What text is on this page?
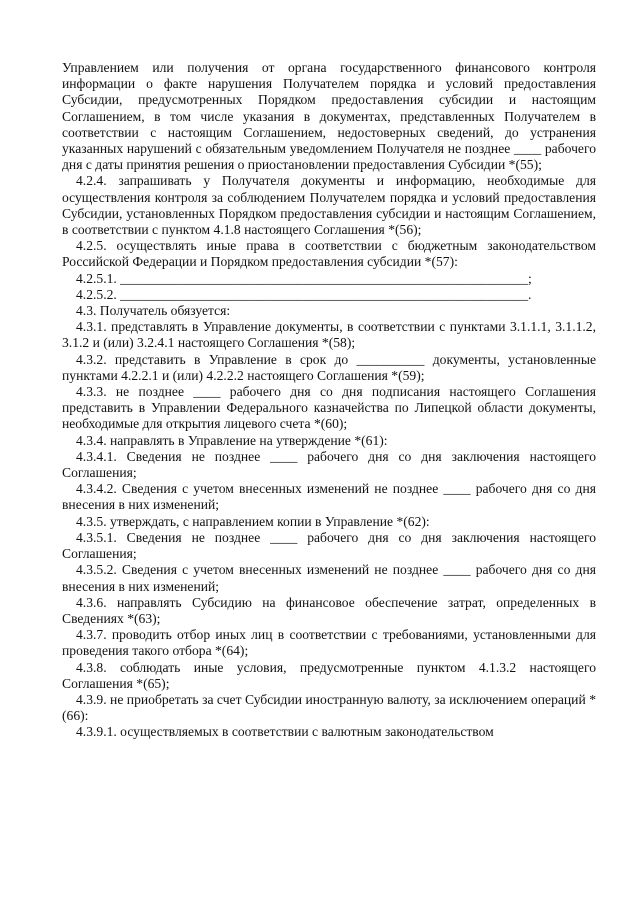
Управлением или получения от органа государственного финансового контроля информации о факте нарушения Получателем порядка и условий предоставления Субсидии, предусмотренных Порядком предоставления субсидии и настоящим Соглашением, в том числе указания в документах, представленных Получателем в соответствии с настоящим Соглашением, недостоверных сведений, до устранения указанных нарушений с обязательным уведомлением Получателя не позднее ____ рабочего дня с даты принятия решения о приостановлении предоставления Субсидии *(55);

4.2.4. запрашивать у Получателя документы и информацию, необходимые для осуществления контроля за соблюдением Получателем порядка и условий предоставления Субсидии, установленных Порядком предоставления субсидии и настоящим Соглашением, в соответствии с пунктом 4.1.8 настоящего Соглашения *(56);

4.2.5. осуществлять иные права в соответствии с бюджетным законодательством Российской Федерации и Порядком предоставления субсидии *(57):

4.2.5.1. ____________________________________________________________;

4.2.5.2. ____________________________________________________________.

4.3. Получатель обязуется:

4.3.1. представлять в Управление документы, в соответствии с пунктами 3.1.1.1, 3.1.1.2, 3.1.2 и (или) 3.2.4.1 настоящего Соглашения *(58);

4.3.2. представить в Управление в срок до __________ документы, установленные пунктами 4.2.2.1 и (или) 4.2.2.2 настоящего Соглашения *(59);

4.3.3. не позднее ____ рабочего дня со дня подписания настоящего Соглашения представить в Управлении Федерального казначейства по Липецкой области документы, необходимые для открытия лицевого счета *(60);

4.3.4. направлять в Управление на утверждение *(61):

4.3.4.1. Сведения не позднее ____ рабочего дня со дня заключения настоящего Соглашения;

4.3.4.2. Сведения с учетом внесенных изменений не позднее ____ рабочего дня со дня внесения в них изменений;

4.3.5. утверждать, с направлением копии в Управление *(62):

4.3.5.1. Сведения не позднее ____ рабочего дня со дня заключения настоящего Соглашения;

4.3.5.2. Сведения с учетом внесенных изменений не позднее ____ рабочего дня со дня внесения в них изменений;

4.3.6. направлять Субсидию на финансовое обеспечение затрат, определенных в Сведениях *(63);

4.3.7. проводить отбор иных лиц в соответствии с требованиями, установленными для проведения такого отбора *(64);

4.3.8. соблюдать иные условия, предусмотренные пунктом 4.1.3.2 настоящего Соглашения *(65);

4.3.9. не приобретать за счет Субсидии иностранную валюту, за исключением операций *(66):

4.3.9.1. осуществляемых в соответствии с валютным законодательством
